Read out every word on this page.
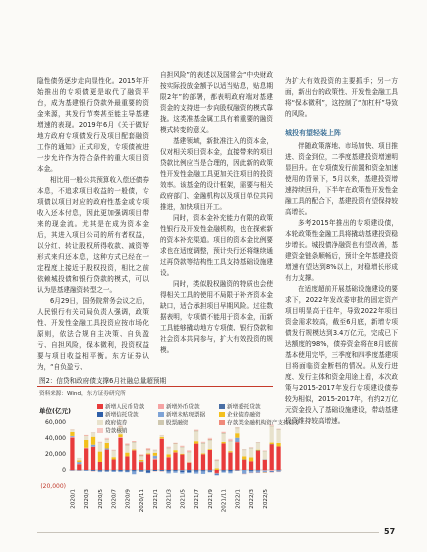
隐性债务逐步走向显性化。2015年开始推出的专项债更是取代了融资平台，成为基建银行贷款外最重要的资金来源，其发行节奏甚至能主导基建增速的表现。2019年6月《关于做好地方政府专项债发行及项目配套融资工作的通知》正式印发，专项债被进一步允许作为符合条件的重大项目资本金。

相比用一般公共预算收入偿还债券本息，不追求项目收益的一般债，专项债以项目对应的政府性基金或专项收入还本付息，因此更加强调项目带来的现金流。尤其是在成为资本金后，其进入项目公司的所有者权益，以分红、转让股权所得收款、减资等形式来归还本息，这种方式已经在一定程度上接近于股权投资，相比之前依赖城投债和银行贷款的模式，可以认为是基建融资转型之一。

6月29日，国务院常务会议之后，人民银行有关司局负责人强调，政策性、开发性金融工具投资应按市场化原则，依法合规自主决策、自负盈亏、自担风险，保本微利，投资权益要与项目收益相平衡。东方证券认为，“自负盈亏、

自担风险”的表述以及国常会“中央财政按实际投放金额予以适当贴息，贴息期限2年”的部署，都表明政府端对基建资金的支持进一步向股权融资的模式靠拢。这类准基金属工具有着重要的融资模式转变的意义。

基建领域，新批准注入的资本金，仅对相关项目资本金，直接带来的项目贷款比例应当是合理的，因此新的政策性开发性金融工具更加关注项目的投资效率。该基金的设计框架，需要与相关政府部门、金融机构以及项目单位共同推进，加快项目开工。

同时，资本金补充能力有限的政策性银行及开发性金融机构，也在探索新的资本补充渠道。项目的资本金比例要求也在适度调整，预计央行还将继续通过再贷款等结构性工具支持基础设施建设。

同时，类似股权融资的特质也会使得相关工具的使用不局限于补齐资本金缺口，适合承担项目早期风险。过往数据表明，专项债不能用于资本金，而新工具能够撬动地方专项债、银行贷款和社会资本共同参与，扩大有效投资的规模。

为扩大有效投资的主要抓手；另一方面，新出台的政策性、开发性金融工具将“保本微利”，这控制了“加杠杆”导致的风险。

城投有望轻装上阵

伴随政策落地、市场加快、项目推进、资金到位，二季度基建投资增速明显回升。在专项债发行前置和资金加速使用的背景下，5月以来，基建投资增速持续回升，下半年在政策性开发性金融工具的配合下，基建投资有望保持较高增长。

多考2015年推出的专项建设债，本轮政策性金融工具将撬动基建投资稳步增长。城投债净融资也有望改善，基建资金链条顺畅后，预计全年基建投资增速有望达到8%以上，对稳增长形成有力支撑。

在适度超前开展基础设施建设的要求下，2022年发改委审批的固定资产项目明显高于往年，导致2022年项目资金需求较高，截至6月底，新增专项债发行规模达到3.4万亿元，完成已下达额度的98%，债券资金将在8月底前基本使用完毕，三季度和四季度基建项目将面临资金断档的情况。从发行进度、发行主体和资金用途上看，本次政策与2015-2017年发行专项建设债券较为相似，2015-2017年，有约2万亿元资金投入了基础设施建设，带动基建投资维持较高增速。

图2：信贷和政府债支撑6月社融总量超预期
资料来源：Wind，东方证券研究所
单位(亿元)
(20,000)
0
20,000
40,000
60,000
2020/1 2020/3 2020/5 2020/7 2020/9 2020/11 2021/1 2021/3 2021/5 2021/7 2021/9 2021/11 2022/1 2022/3 2022/5
新增人民币贷款	新增外币贷款	新增委托贷款
新增信托贷款	新增未贴现票据	企业债券融资
政府债券	股票融资	存款类金融机构资产支持证券
贷款核销
57
